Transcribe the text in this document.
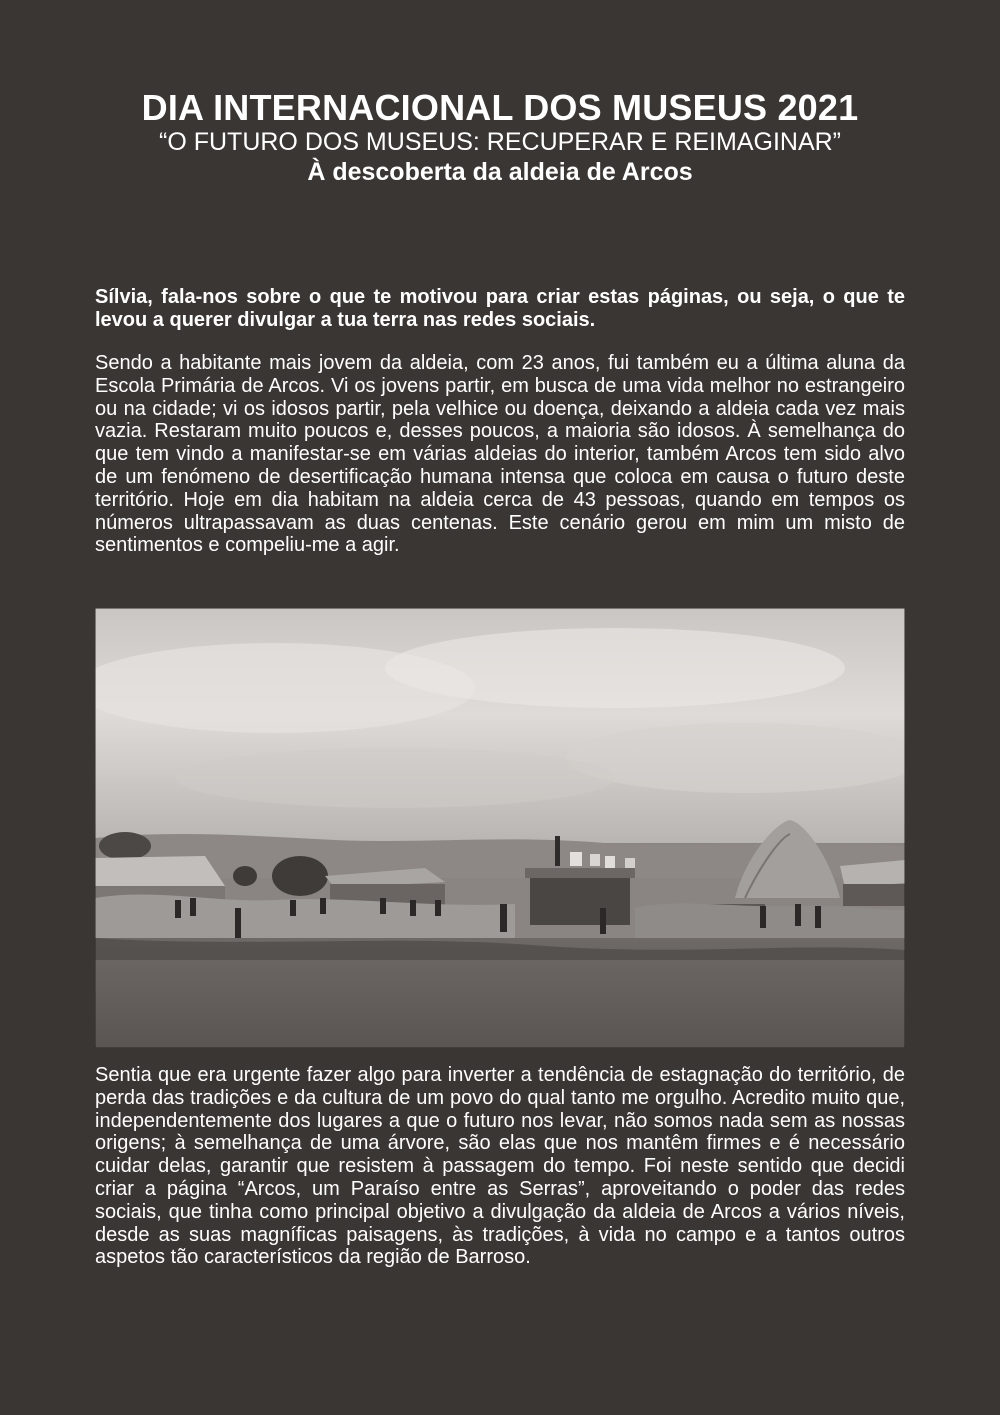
DIA INTERNACIONAL DOS MUSEUS 2021
“O FUTURO DOS MUSEUS: RECUPERAR E REIMAGINAR”
À descoberta da aldeia de Arcos

Sílvia, fala-nos sobre o que te motivou para criar estas páginas, ou seja, o que te levou a querer divulgar a tua terra nas redes sociais.

Sendo a habitante mais jovem da aldeia, com 23 anos, fui também eu a última aluna da Escola Primária de Arcos. Vi os jovens partir, em busca de uma vida melhor no estrangeiro ou na cidade; vi os idosos partir, pela velhice ou doença, deixando a aldeia cada vez mais vazia. Restaram muito poucos e, desses poucos, a maioria são idosos. À semelhança do que tem vindo a manifestar-se em várias aldeias do interior, também Arcos tem sido alvo de um fenómeno de desertificação humana intensa que coloca em causa o futuro deste território. Hoje em dia habitam na aldeia cerca de 43 pessoas, quando em tempos os números ultrapassavam as duas centenas. Este cenário gerou em mim um misto de sentimentos e compeliu-me a agir.

Sentia que era urgente fazer algo para inverter a tendência de estagnação do território, de perda das tradições e da cultura de um povo do qual tanto me orgulho. Acredito muito que, independentemente dos lugares a que o futuro nos levar, não somos nada sem as nossas origens; à semelhança de uma árvore, são elas que nos mantêm firmes e é necessário cuidar delas, garantir que resistem à passagem do tempo. Foi neste sentido que decidi criar a página “Arcos, um Paraíso entre as Serras”, aproveitando o poder das redes sociais, que tinha como principal objetivo a divulgação da aldeia de Arcos a vários níveis, desde as suas magníficas paisagens, às tradições, à vida no campo e a tantos outros aspetos tão característicos da região de Barroso.
